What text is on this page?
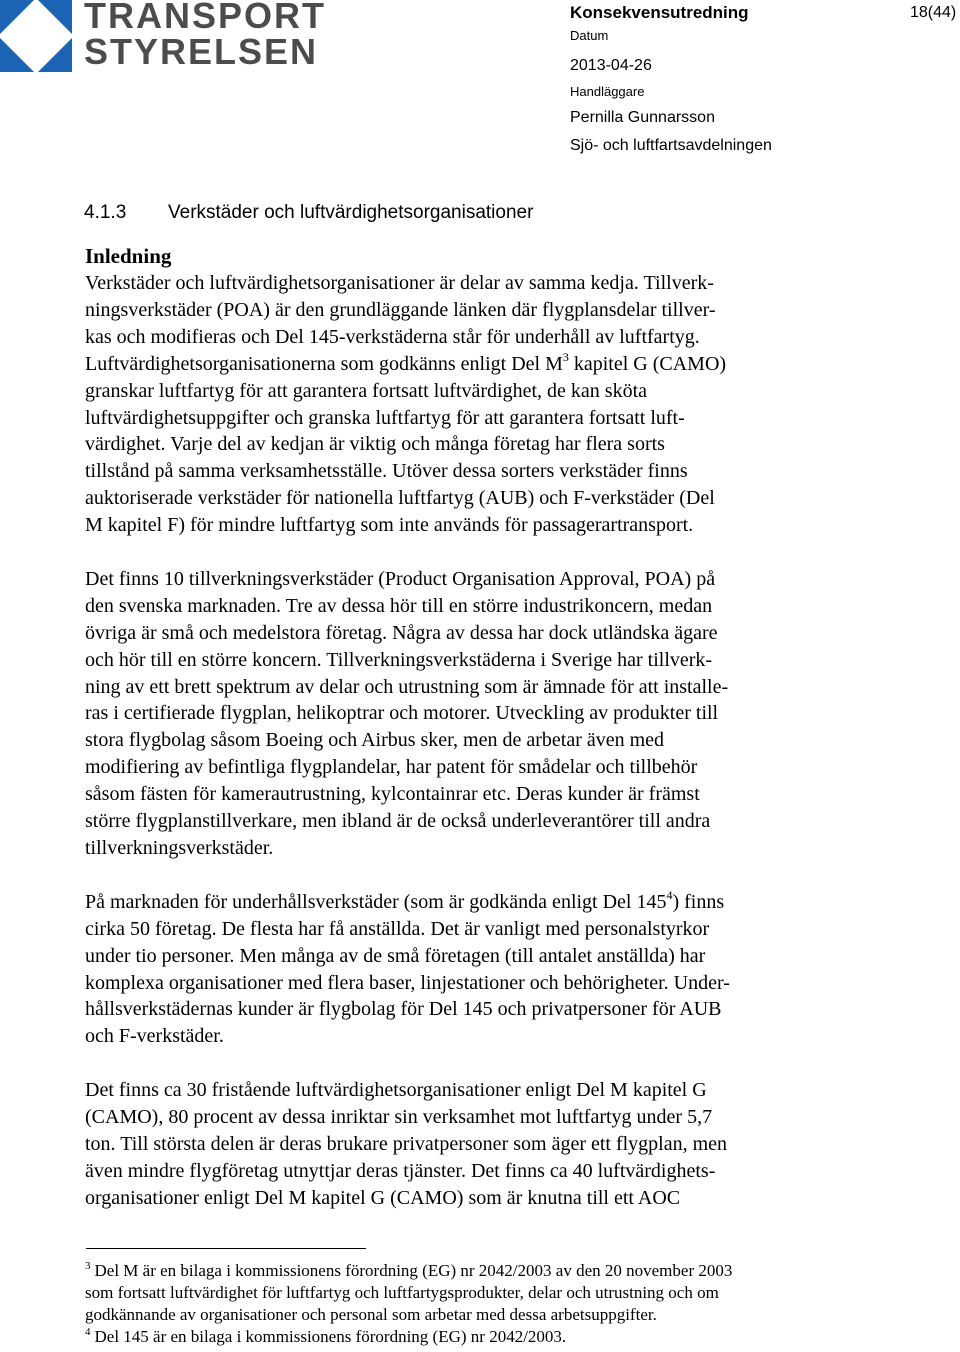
TRANSPORT
STYRELSEN
Konsekvensutredning	18(44)
Datum
2013-04-26
Handläggare
Pernilla Gunnarsson
Sjö- och luftfartsavdelningen
4.1.3 Verkstäder och luftvärdighetsorganisationer
Inledning

Verkstäder och luftvärdighetsorganisationer är delar av samma kedja. Tillverk-
ningsverkstäder (POA) är den grundläggande länken där flygplansdelar tillver-
kas och modifieras och Del 145-verkstäderna står för underhåll av luftfartyg.
Luftvärdighetsorganisationerna som godkänns enligt Del $M^3$ kapitel G (CAMO)
granskar luftfartyg för att garantera fortsatt luftvärdighet, de kan sköta
luftvärdighetsuppgifter och granska luftfartyg för att garantera fortsatt luft-
värdighet. Varje del av kedjan är viktig och många företag har flera sorts
tillstånd på samma verksamhetsställe. Utöver dessa sorters verkstäder finns
auktoriserade verkstäder för nationella luftfartyg (AUB) och F-verkstäder (Del
M kapitel F) för mindre luftfartyg som inte används för passagerartransport.

Det finns 10 tillverkningsverkstäder (Product Organisation Approval, POA) på
den svenska marknaden. Tre av dessa hör till en större industrikoncern, medan
övriga är små och medelstora företag. Några av dessa har dock utländska ägare
och hör till en större koncern. Tillverkningsverkstäderna i Sverige har tillverk-
ning av ett brett spektrum av delar och utrustning som är ämnade för att installe-
ras i certifierade flygplan, helikoptrar och motorer. Utveckling av produkter till
stora flygbolag såsom Boeing och Airbus sker, men de arbetar även med
modifiering av befintliga flygplandelar, har patent för smådelar och tillbehör
såsom fästen för kamerautrustning, kylcontainrar etc. Deras kunder är främst
större flygplanstillverkare, men ibland är de också underleverantörer till andra
tillverkningsverkstäder.

På marknaden för underhållsverkstäder (som är godkända enligt Del $145^4$) finns
cirka 50 företag. De flesta har få anställda. Det är vanligt med personalstyrkor
under tio personer. Men många av de små företagen (till antalet anställda) har
komplexa organisationer med flera baser, linjestationer och behörigheter. Under-
hållsverkstädernas kunder är flygbolag för Del 145 och privatpersoner för AUB
och F-verkstäder.

Det finns ca 30 fristående luftvärdighetsorganisationer enligt Del M kapitel G
(CAMO), 80 procent av dessa inriktar sin verksamhet mot luftfartyg under 5,7
ton. Till största delen är deras brukare privatpersoner som äger ett flygplan, men
även mindre flygföretag utnyttjar deras tjänster. Det finns ca 40 luftvärdighets-
organisationer enligt Del M kapitel G (CAMO) som är knutna till ett AOC

$^3$ Del M är en bilaga i kommissionens förordning (EG) nr 2042/2003 av den 20 november 2003
som fortsatt luftvärdighet för luftfartyg och luftfartygsprodukter, delar och utrustning och om
godkännande av organisationer och personal som arbetar med dessa arbetsuppgifter.
$^4$ Del 145 är en bilaga i kommissionens förordning (EG) nr 2042/2003.
